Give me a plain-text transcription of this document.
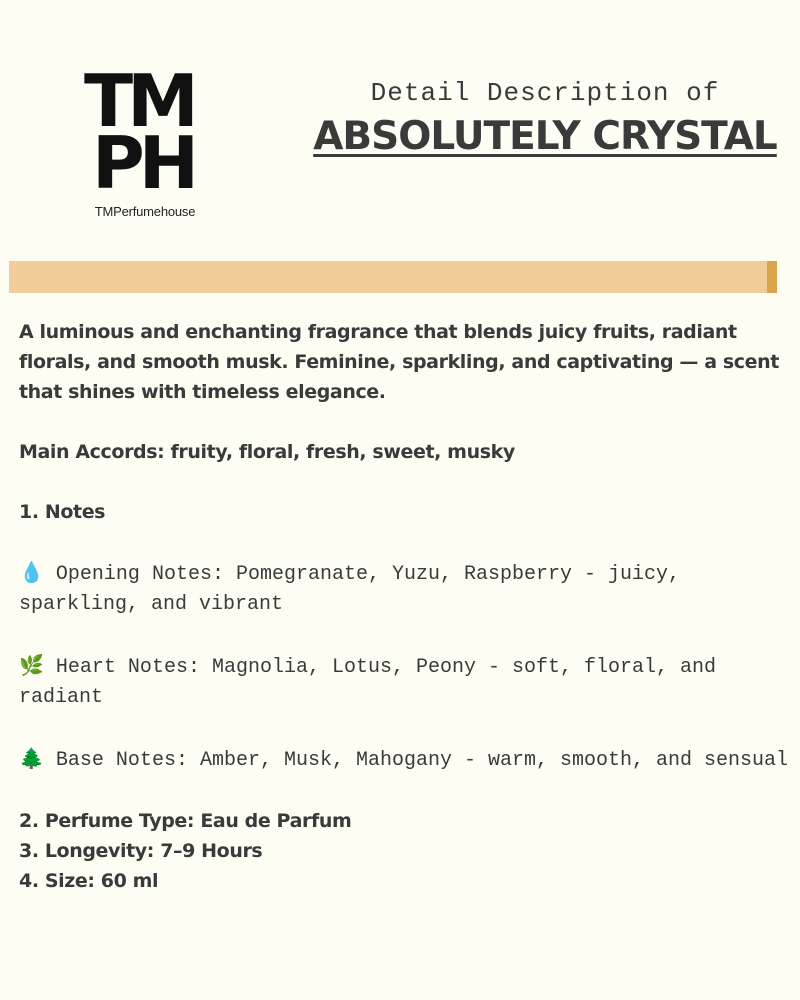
TM
PH
TMPerfumehouse
Detail Description of
ABSOLUTELY CRYSTAL
A luminous and enchanting fragrance that blends juicy fruits, radiant florals, and smooth musk. Feminine, sparkling, and captivating — a scent that shines with timeless elegance.
Main Accords: fruity, floral, fresh, sweet, musky
1. Notes
💧 Opening Notes: Pomegranate, Yuzu, Raspberry - juicy, sparkling, and vibrant
🌿 Heart Notes: Magnolia, Lotus, Peony - soft, floral, and radiant
🌲 Base Notes: Amber, Musk, Mahogany - warm, smooth, and sensual
2. Perfume Type: Eau de Parfum
3. Longevity: 7–9 Hours
4. Size: 60 ml
